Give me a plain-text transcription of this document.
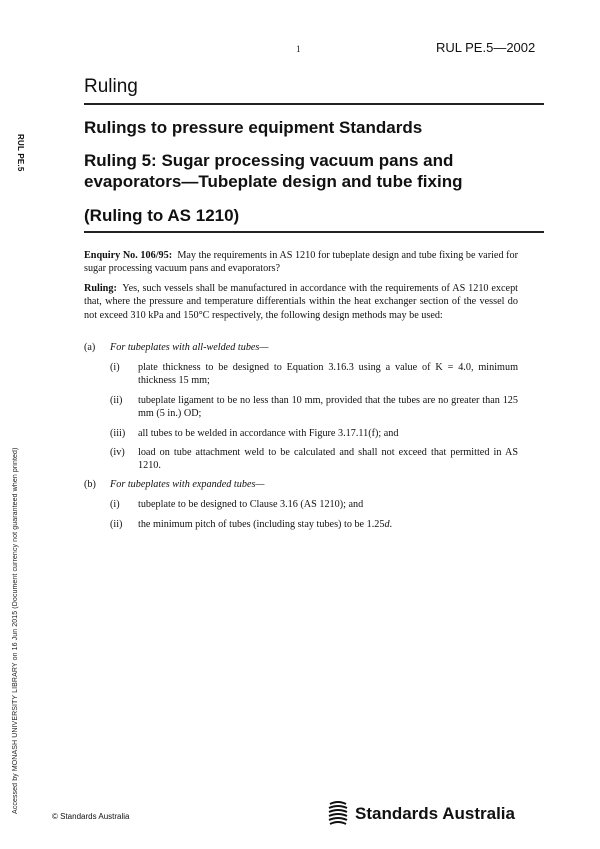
1	RUL PE.5—2002
RUL PE.5
Ruling
Rulings to pressure equipment Standards
Ruling 5: Sugar processing vacuum pans and evaporators—Tubeplate design and tube fixing
(Ruling to AS 1210)
Enquiry No. 106/95: May the requirements in AS 1210 for tubeplate design and tube fixing be varied for sugar processing vacuum pans and evaporators?
Ruling: Yes, such vessels shall be manufactured in accordance with the requirements of AS 1210 except that, where the pressure and temperature differentials within the heat exchanger section of the vessel do not exceed 310 kPa and 150°C respectively, the following design methods may be used:
(a) For tubeplates with all-welded tubes—
(i) plate thickness to be designed to Equation 3.16.3 using a value of K = 4.0, minimum thickness 15 mm;
(ii) tubeplate ligament to be no less than 10 mm, provided that the tubes are no greater than 125 mm (5 in.) OD;
(iii) all tubes to be welded in accordance with Figure 3.17.11(f); and
(iv) load on tube attachment weld to be calculated and shall not exceed that permitted in AS 1210.
(b) For tubeplates with expanded tubes—
(i) tubeplate to be designed to Clause 3.16 (AS 1210); and
(ii) the minimum pitch of tubes (including stay tubes) to be 1.25d.
Accessed by MONASH UNIVERSITY LIBRARY on 16 Jun 2015 (Document currency not guaranteed when printed)
© Standards Australia	Standards Australia
